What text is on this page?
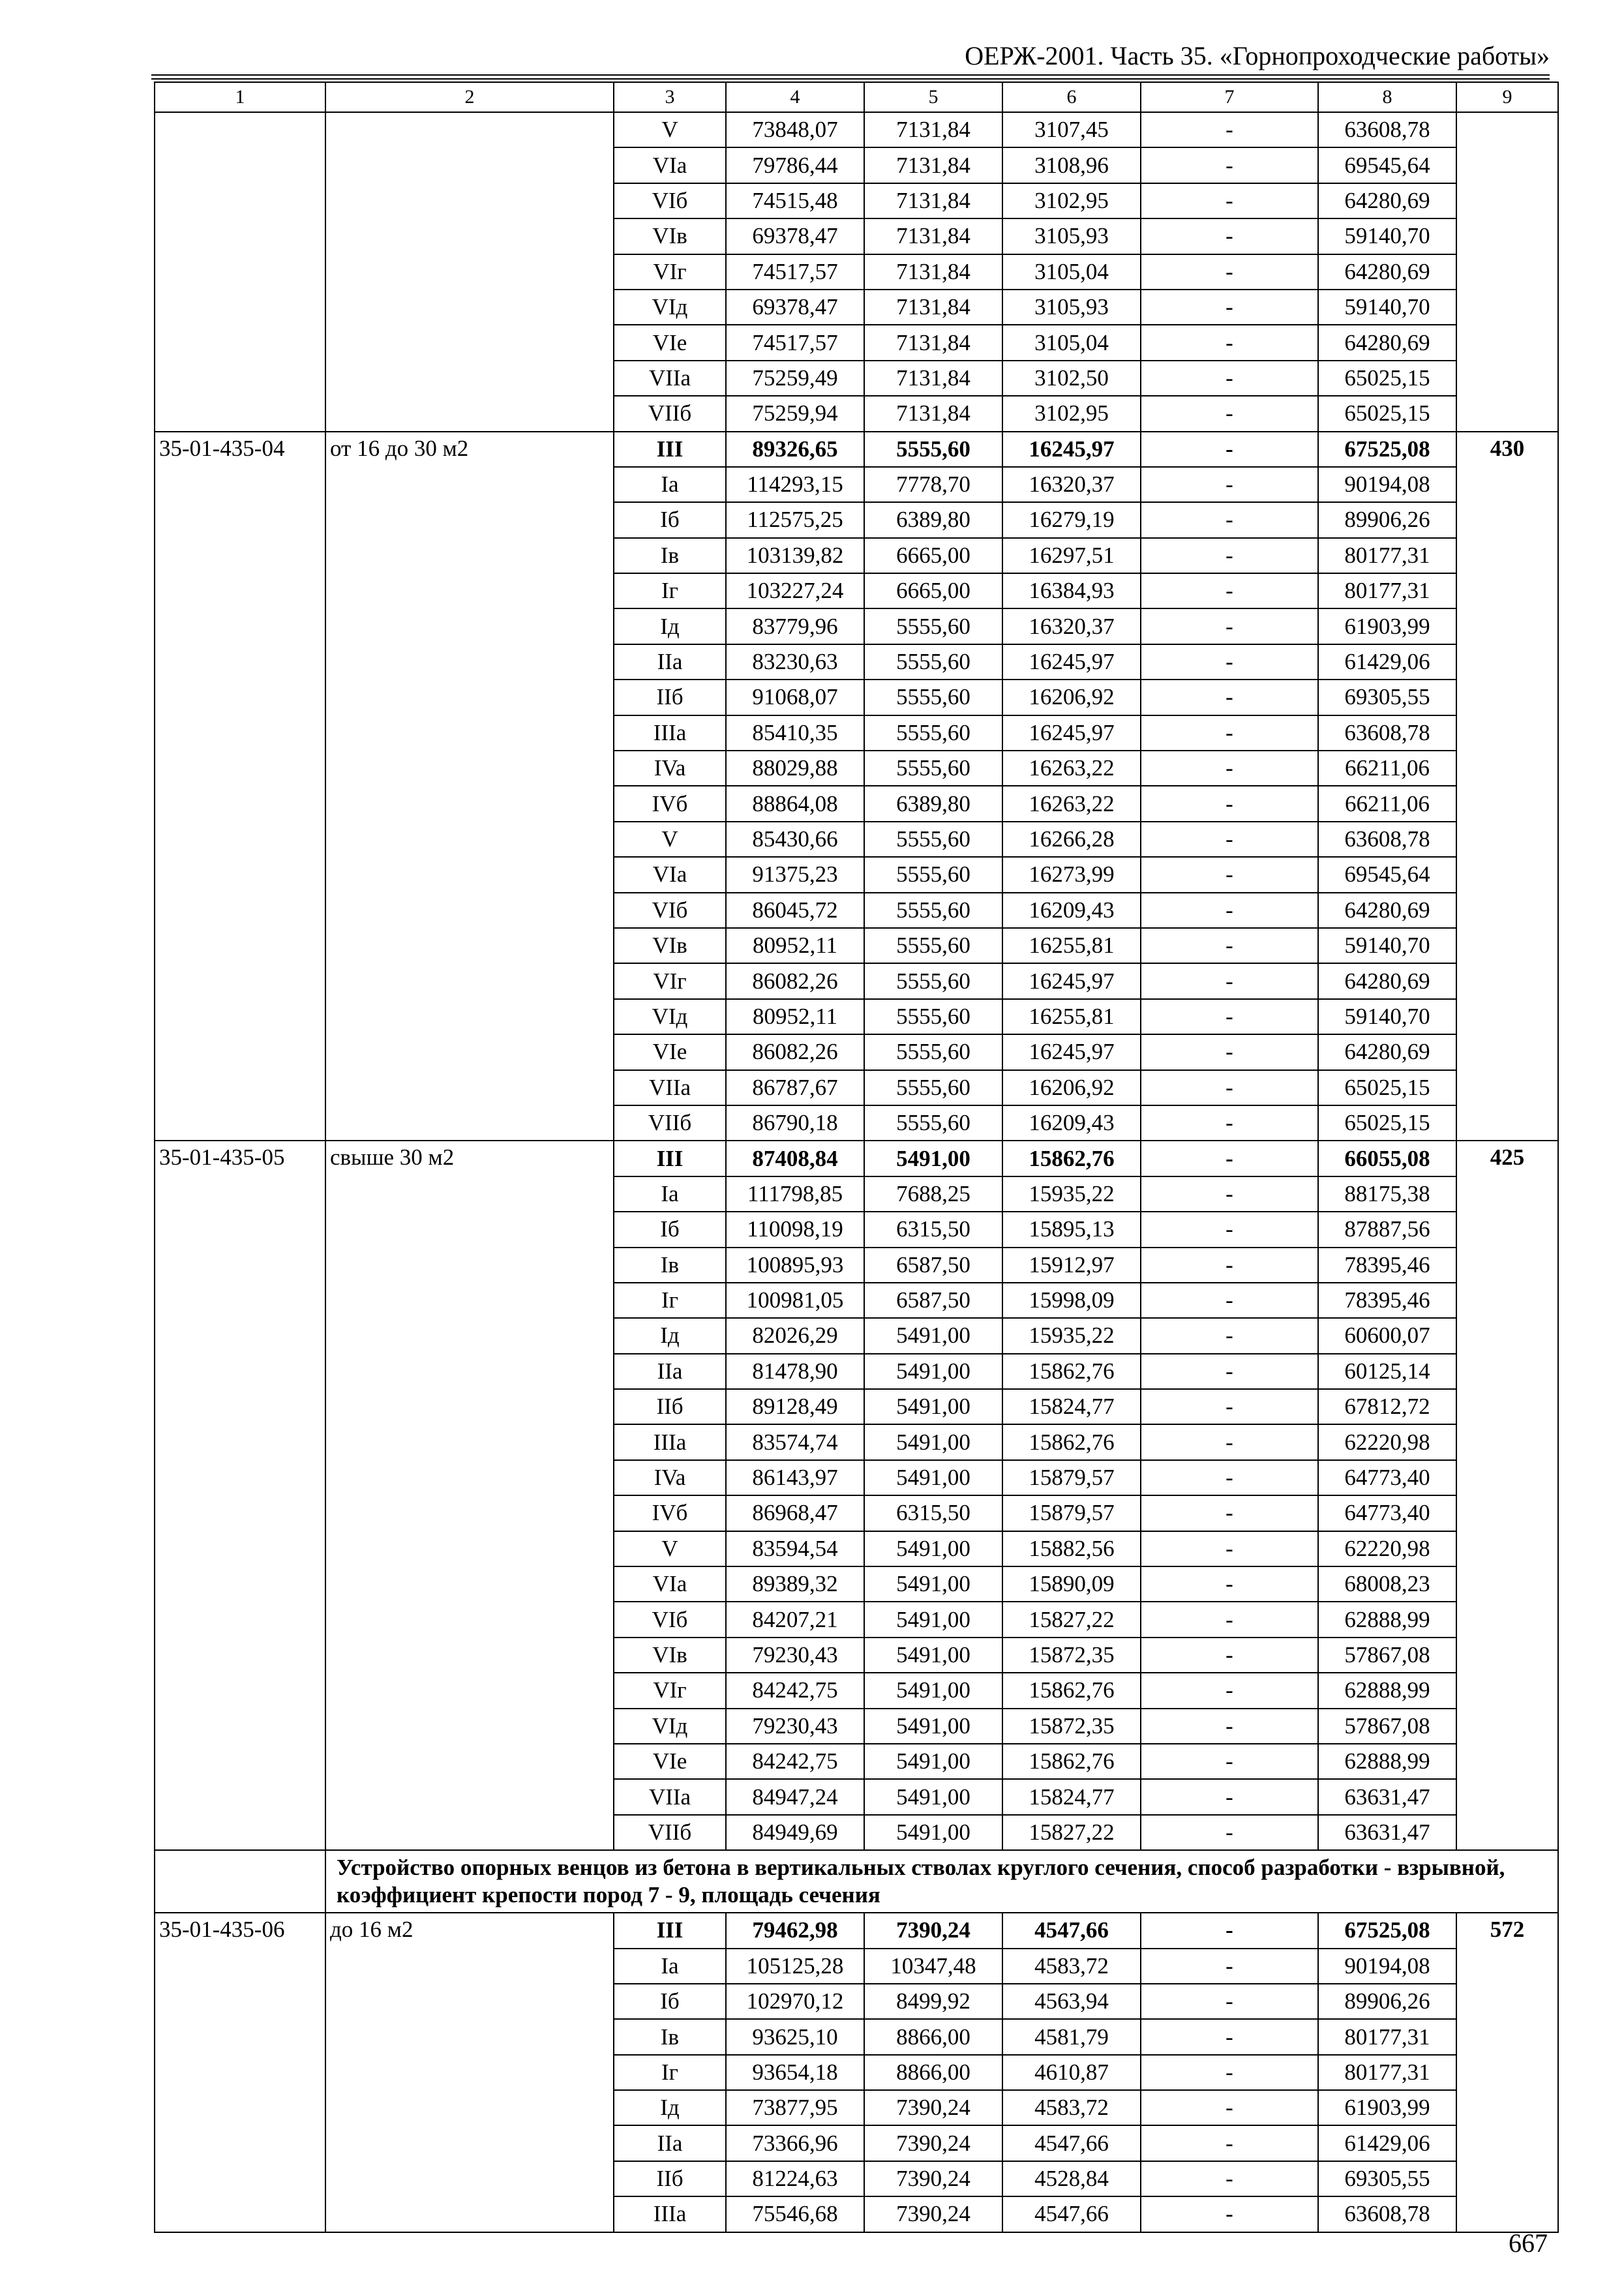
ОЕРЖ-2001. Часть 35. «Горнопроходческие работы»
1	2	3	4	5	6	7	8	9
		V	73848,07	7131,84	3107,45	-	63608,78	
		VIa	79786,44	7131,84	3108,96	-	69545,64	
		VIб	74515,48	7131,84	3102,95	-	64280,69	
		VIв	69378,47	7131,84	3105,93	-	59140,70	
		VIг	74517,57	7131,84	3105,04	-	64280,69	
		VIд	69378,47	7131,84	3105,93	-	59140,70	
		VIe	74517,57	7131,84	3105,04	-	64280,69	
		VIIa	75259,49	7131,84	3102,50	-	65025,15	
		VIIб	75259,94	7131,84	3102,95	-	65025,15	
35-01-435-04	от 16 до 30 м2	III	89326,65	5555,60	16245,97	-	67525,08	430
		Ia	114293,15	7778,70	16320,37	-	90194,08	
		Iб	112575,25	6389,80	16279,19	-	89906,26	
		Iв	103139,82	6665,00	16297,51	-	80177,31	
		Iг	103227,24	6665,00	16384,93	-	80177,31	
		Iд	83779,96	5555,60	16320,37	-	61903,99	
		IIa	83230,63	5555,60	16245,97	-	61429,06	
		IIб	91068,07	5555,60	16206,92	-	69305,55	
		IIIa	85410,35	5555,60	16245,97	-	63608,78	
		IVa	88029,88	5555,60	16263,22	-	66211,06	
		IVб	88864,08	6389,80	16263,22	-	66211,06	
		V	85430,66	5555,60	16266,28	-	63608,78	
		VIa	91375,23	5555,60	16273,99	-	69545,64	
		VIб	86045,72	5555,60	16209,43	-	64280,69	
		VIв	80952,11	5555,60	16255,81	-	59140,70	
		VIг	86082,26	5555,60	16245,97	-	64280,69	
		VIд	80952,11	5555,60	16255,81	-	59140,70	
		VIe	86082,26	5555,60	16245,97	-	64280,69	
		VIIa	86787,67	5555,60	16206,92	-	65025,15	
		VIIб	86790,18	5555,60	16209,43	-	65025,15	
35-01-435-05	свыше 30 м2	III	87408,84	5491,00	15862,76	-	66055,08	425
		Ia	111798,85	7688,25	15935,22	-	88175,38	
		Iб	110098,19	6315,50	15895,13	-	87887,56	
		Iв	100895,93	6587,50	15912,97	-	78395,46	
		Iг	100981,05	6587,50	15998,09	-	78395,46	
		Iд	82026,29	5491,00	15935,22	-	60600,07	
		IIa	81478,90	5491,00	15862,76	-	60125,14	
		IIб	89128,49	5491,00	15824,77	-	67812,72	
		IIIa	83574,74	5491,00	15862,76	-	62220,98	
		IVa	86143,97	5491,00	15879,57	-	64773,40	
		IVб	86968,47	6315,50	15879,57	-	64773,40	
		V	83594,54	5491,00	15882,56	-	62220,98	
		VIa	89389,32	5491,00	15890,09	-	68008,23	
		VIб	84207,21	5491,00	15827,22	-	62888,99	
		VIв	79230,43	5491,00	15872,35	-	57867,08	
		VIг	84242,75	5491,00	15862,76	-	62888,99	
		VIд	79230,43	5491,00	15872,35	-	57867,08	
		VIe	84242,75	5491,00	15862,76	-	62888,99	
		VIIa	84947,24	5491,00	15824,77	-	63631,47	
		VIIб	84949,69	5491,00	15827,22	-	63631,47	
	Устройство опорных венцов из бетона в вертикальных стволах круглого сечения, способ разработки - взрывной, коэффициент крепости пород 7 - 9, площадь сечения							
35-01-435-06	до 16 м2	III	79462,98	7390,24	4547,66	-	67525,08	572
		Ia	105125,28	10347,48	4583,72	-	90194,08	
		Iб	102970,12	8499,92	4563,94	-	89906,26	
		Iв	93625,10	8866,00	4581,79	-	80177,31	
		Iг	93654,18	8866,00	4610,87	-	80177,31	
		Iд	73877,95	7390,24	4583,72	-	61903,99	
		IIa	73366,96	7390,24	4547,66	-	61429,06	
		IIб	81224,63	7390,24	4528,84	-	69305,55	
		IIIa	75546,68	7390,24	4547,66	-	63608,78	
667
